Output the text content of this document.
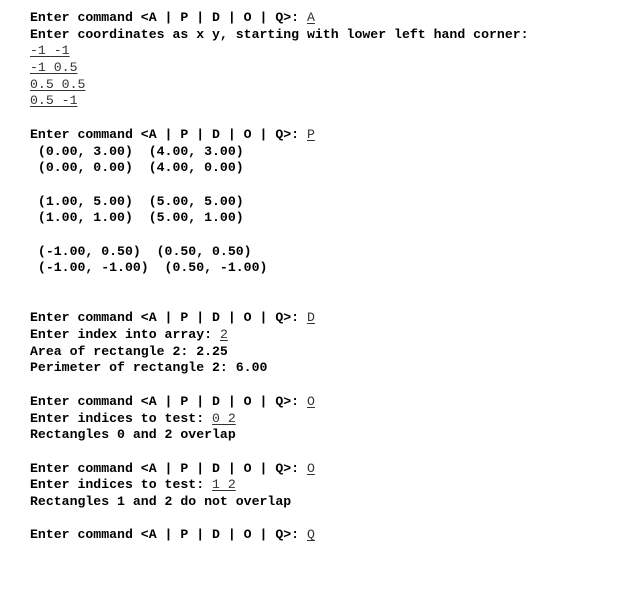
Enter command <A | P | D | O | Q>: A
Enter coordinates as x y, starting with lower left hand corner:
-1 -1
-1 0.5
0.5 0.5
0.5 -1
Enter command <A | P | D | O | Q>: P
(0.00, 3.00)  (4.00, 3.00)
(0.00, 0.00)  (4.00, 0.00)
(1.00, 5.00)  (5.00, 5.00)
(1.00, 1.00)  (5.00, 1.00)
(-1.00, 0.50)  (0.50, 0.50)
(-1.00, -1.00)  (0.50, -1.00)
Enter command <A | P | D | O | Q>: D
Enter index into array: 2
Area of rectangle 2: 2.25
Perimeter of rectangle 2: 6.00
Enter command <A | P | D | O | Q>: O
Enter indices to test: 0 2
Rectangles 0 and 2 overlap
Enter command <A | P | D | O | Q>: O
Enter indices to test: 1 2
Rectangles 1 and 2 do not overlap
Enter command <A | P | D | O | Q>: Q
